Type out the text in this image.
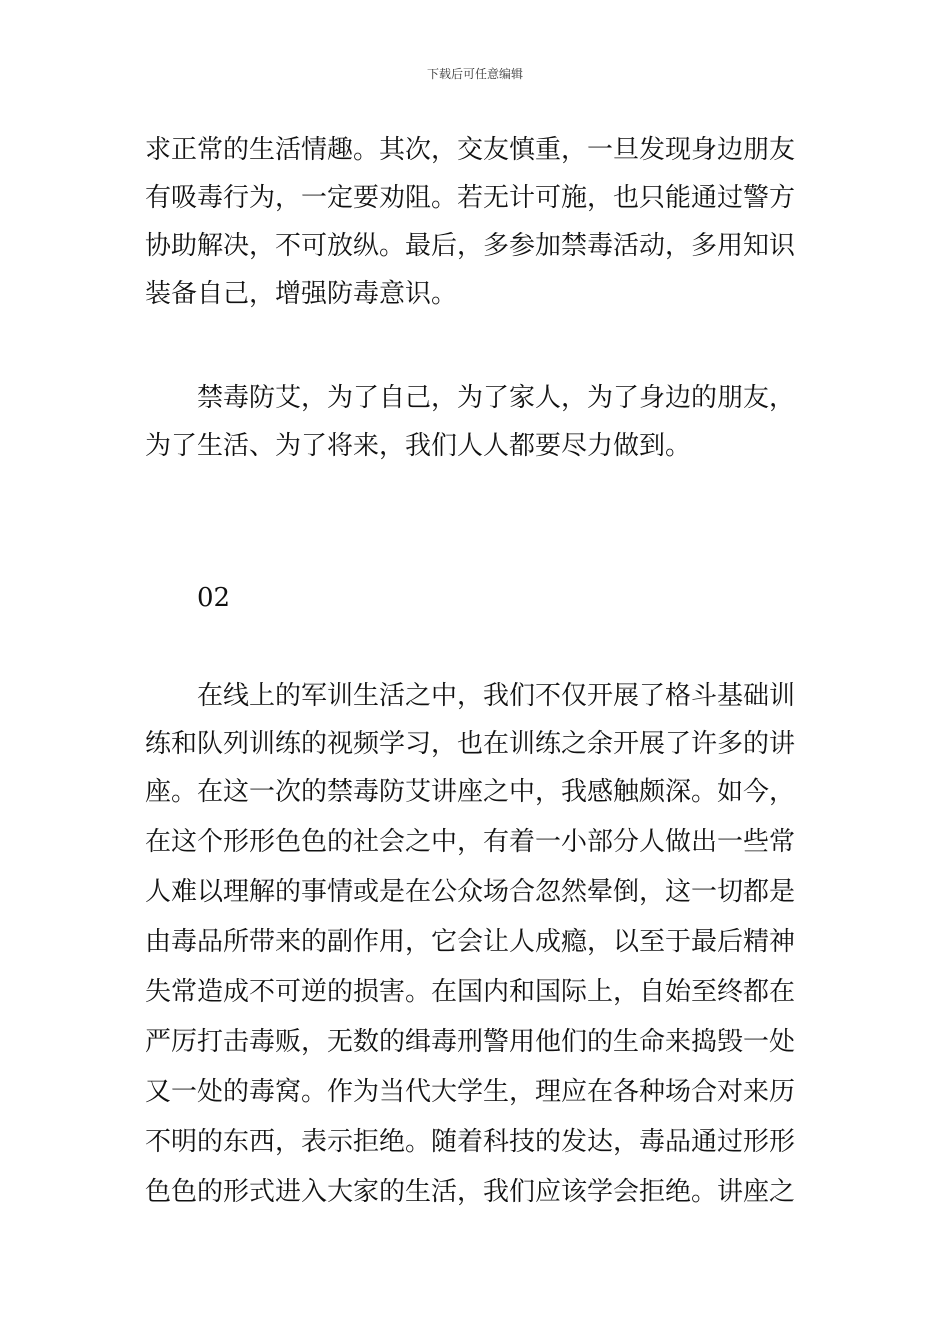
下载后可任意编辑
求正常的生活情趣。其次，交友慎重，一旦发现身边朋友
有吸毒行为，一定要劝阻。若无计可施，也只能通过警方
协助解决，不可放纵。最后，多参加禁毒活动，多用知识
装备自己，增强防毒意识。
禁毒防艾，为了自己，为了家人，为了身边的朋友，
为了生活、为了将来，我们人人都要尽力做到。
02
在线上的军训生活之中，我们不仅开展了格斗基础训
练和队列训练的视频学习，也在训练之余开展了许多的讲
座。在这一次的禁毒防艾讲座之中，我感触颇深。如今，
在这个形形色色的社会之中，有着一小部分人做出一些常
人难以理解的事情或是在公众场合忽然晕倒，这一切都是
由毒品所带来的副作用，它会让人成瘾，以至于最后精神
失常造成不可逆的损害。在国内和国际上，自始至终都在
严厉打击毒贩，无数的缉毒刑警用他们的生命来捣毁一处
又一处的毒窝。作为当代大学生，理应在各种场合对来历
不明的东西，表示拒绝。随着科技的发达，毒品通过形形
色色的形式进入大家的生活，我们应该学会拒绝。讲座之
